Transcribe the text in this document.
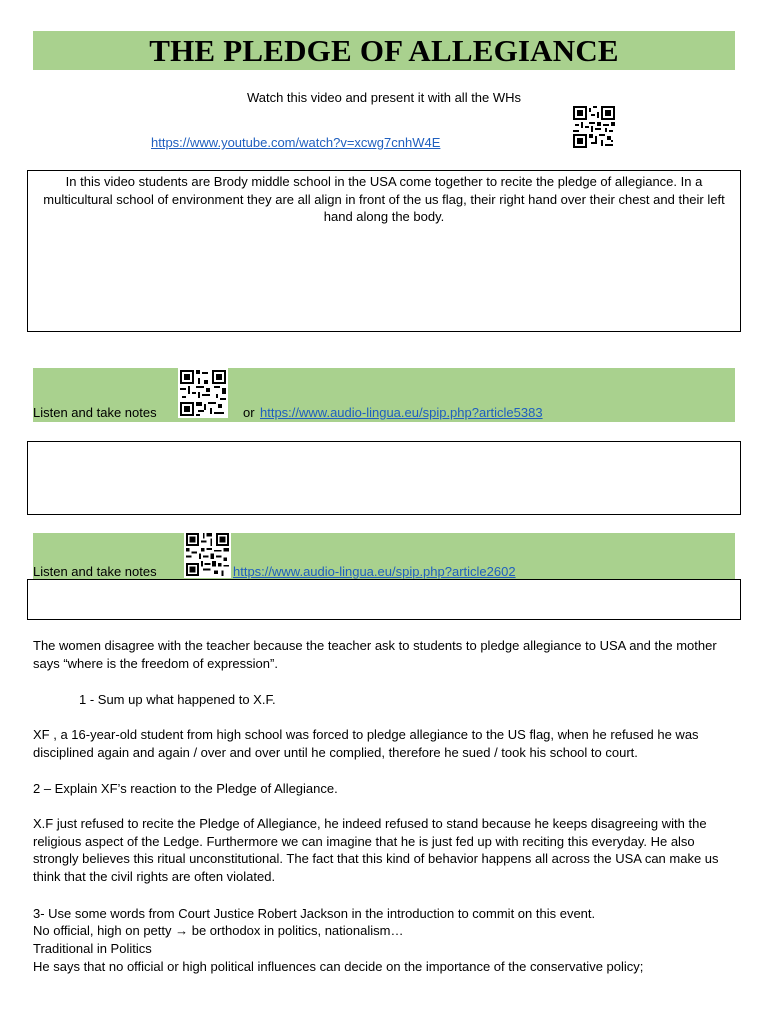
THE PLEDGE OF ALLEGIANCE
Watch this video and present it with all the WHs
https://www.youtube.com/watch?v=xcwg7cnhW4E
In this video students are Brody middle school in the USA come together to recite the pledge of allegiance. In a multicultural school of environment they are all align in front of the us flag, their right hand over their chest and their left hand along the body.
Listen and take notes	or https://www.audio-lingua.eu/spip.php?article5383
Listen and take notes	https://www.audio-lingua.eu/spip.php?article2602
The women disagree with the teacher because the teacher ask to students to pledge allegiance to USA and the mother says “where is the freedom of expression”.
1 - Sum up what happened to X.F.
XF , a 16-year-old student from high school was forced to pledge allegiance to the US flag, when he refused he was disciplined again and again / over and over until he complied, therefore he sued / took his school to court.
2 – Explain XF’s reaction to the Pledge of Allegiance.
X.F just refused to recite the Pledge of Allegiance, he indeed refused to stand because he keeps disagreeing with the religious aspect of the Ledge. Furthermore we can imagine that he is just fed up with reciting this everyday. He also strongly believes this ritual unconstitutional. The fact that this kind of behavior happens all across the USA can make us think that the civil rights are often violated.
3- Use some words from Court Justice Robert Jackson in the introduction to commit on this event.
No official, high on petty → be orthodox in politics, nationalism…
Traditional in Politics
He says that no official or high political influences can decide on the importance of the conservative policy;
